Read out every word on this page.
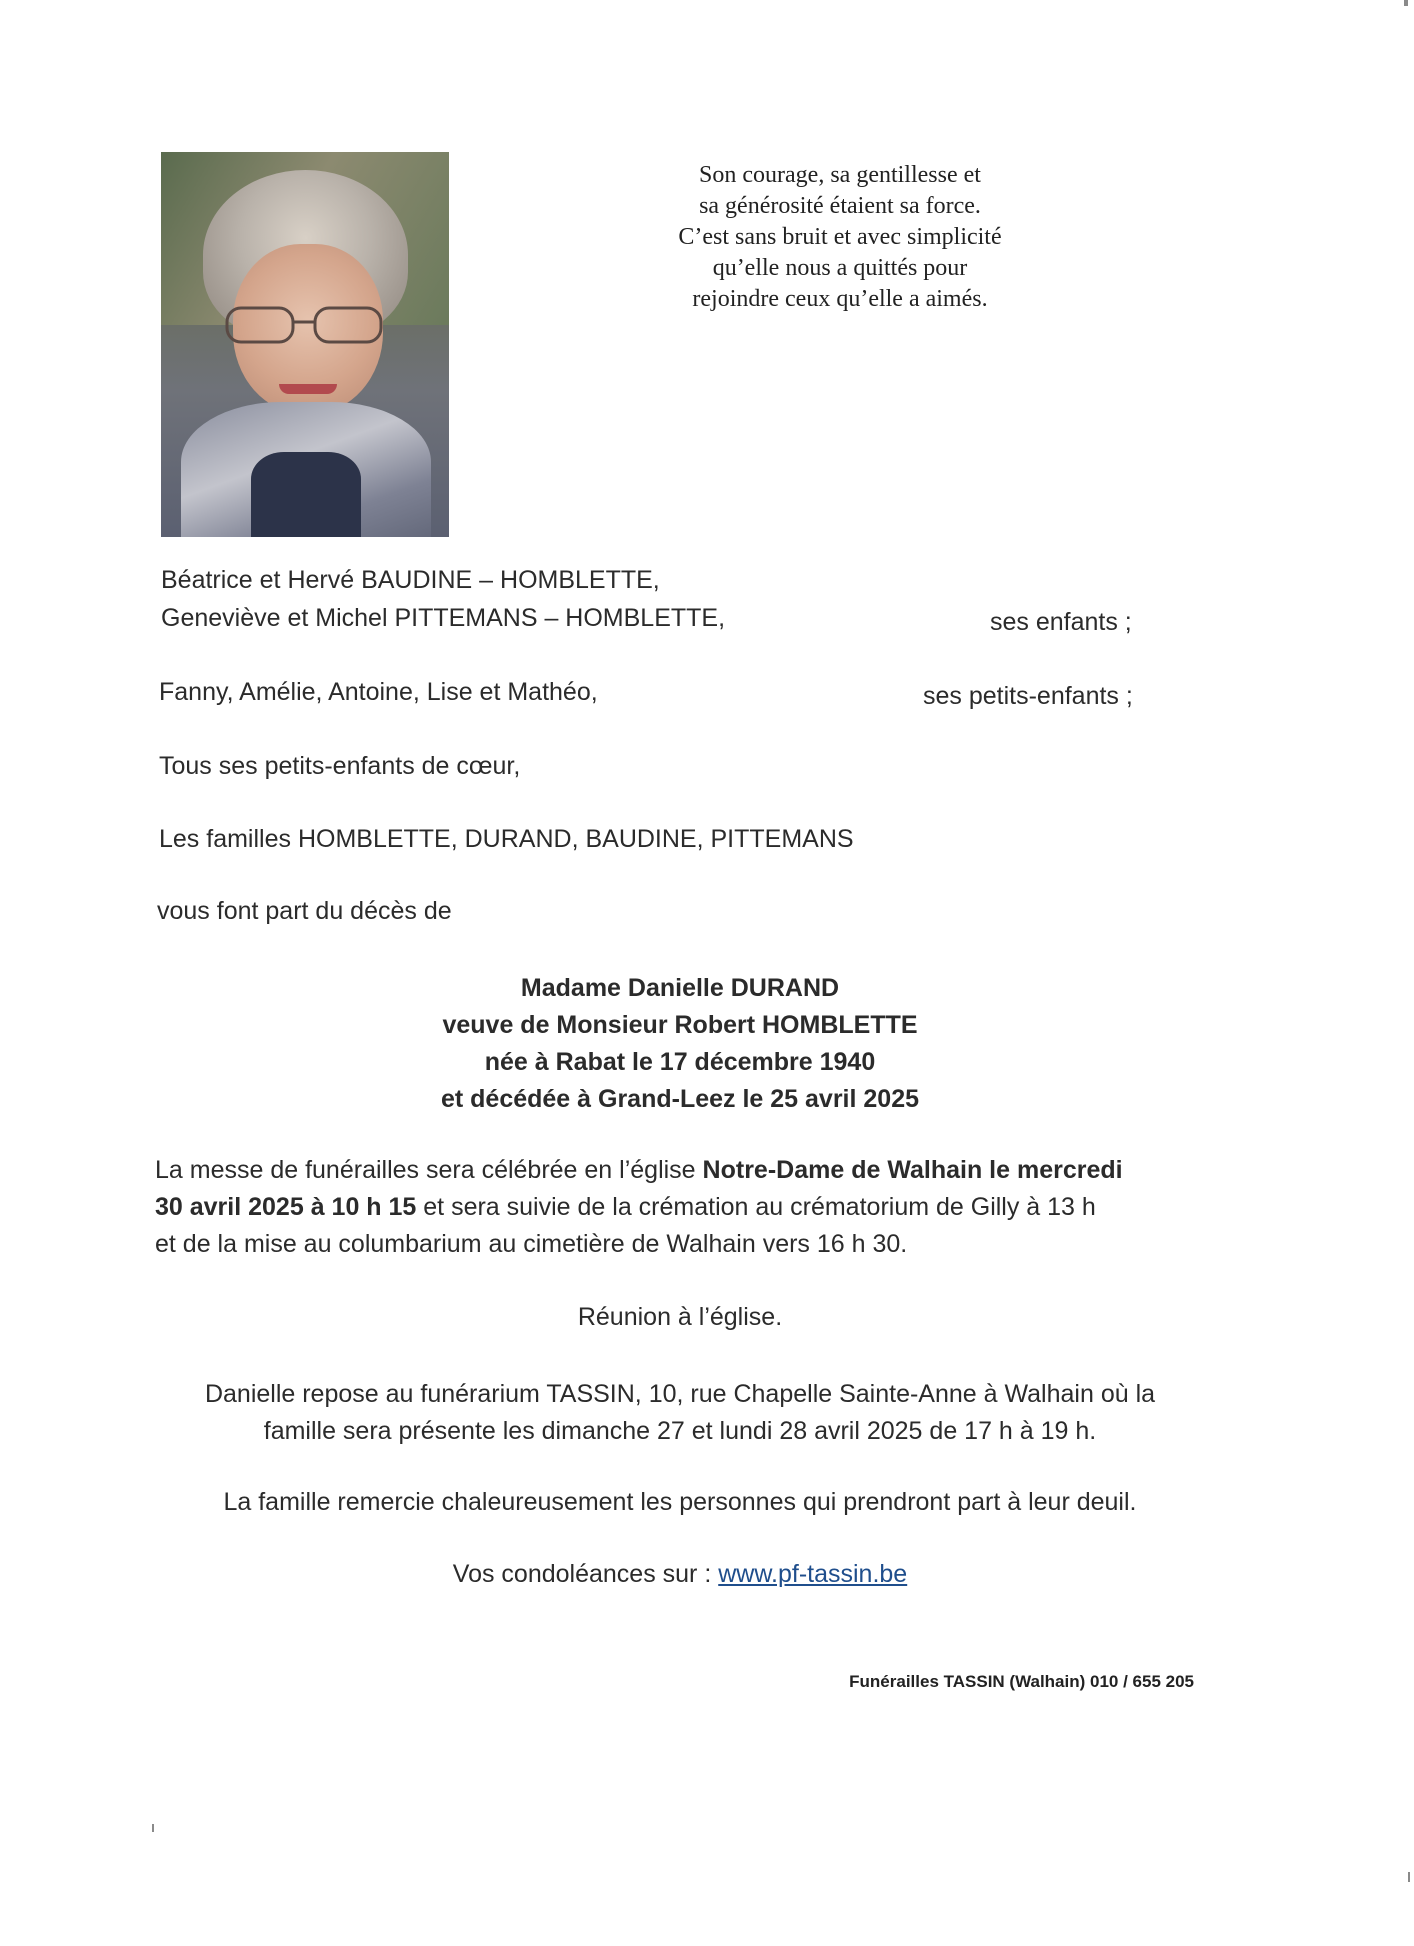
Son courage, sa gentillesse et
sa générosité étaient sa force.
C’est sans bruit et avec simplicité
qu’elle nous a quittés pour
rejoindre ceux qu’elle a aimés.
Béatrice et Hervé BAUDINE – HOMBLETTE,
Geneviève et Michel PITTEMANS – HOMBLETTE,	ses enfants ;
Fanny, Amélie, Antoine, Lise et Mathéo,	ses petits-enfants ;
Tous ses petits-enfants de cœur,
Les familles HOMBLETTE, DURAND, BAUDINE, PITTEMANS
vous font part du décès de
Madame Danielle DURAND
veuve de Monsieur Robert HOMBLETTE
née à Rabat le 17 décembre 1940
et décédée à Grand-Leez le 25 avril 2025
La messe de funérailles sera célébrée en l’église Notre-Dame de Walhain le mercredi
30 avril 2025 à 10 h 15 et sera suivie de la crémation au crématorium de Gilly à 13 h
et de la mise au columbarium au cimetière de Walhain vers 16 h 30.
Réunion à l’église.
Danielle repose au funérarium TASSIN, 10, rue Chapelle Sainte-Anne à Walhain où la
famille sera présente les dimanche 27 et lundi 28 avril 2025 de 17 h à 19 h.
La famille remercie chaleureusement les personnes qui prendront part à leur deuil.
Vos condoléances sur : www.pf-tassin.be
Funérailles TASSIN (Walhain) 010 / 655 205
